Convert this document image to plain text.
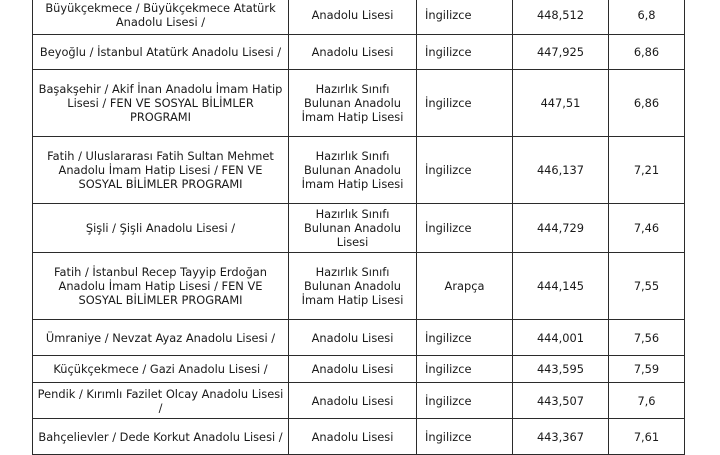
Büyükçekmece / Büyükçekmece Atatürk Anadolu Lisesi /	Anadolu Lisesi	İngilizce	448,512	6,8
Beyoğlu / İstanbul Atatürk Anadolu Lisesi /	Anadolu Lisesi	İngilizce	447,925	6,86
Başakşehir / Akif İnan Anadolu İmam Hatip Lisesi / FEN VE SOSYAL BİLİMLER PROGRAMI	Hazırlık Sınıfı Bulunan Anadolu İmam Hatip Lisesi	İngilizce	447,51	6,86
Fatih / Uluslararası Fatih Sultan Mehmet Anadolu İmam Hatip Lisesi / FEN VE SOSYAL BİLİMLER PROGRAMI	Hazırlık Sınıfı Bulunan Anadolu İmam Hatip Lisesi	İngilizce	446,137	7,21
Şişli / Şişli Anadolu Lisesi /	Hazırlık Sınıfı Bulunan Anadolu Lisesi	İngilizce	444,729	7,46
Fatih / İstanbul Recep Tayyip Erdoğan Anadolu İmam Hatip Lisesi / FEN VE SOSYAL BİLİMLER PROGRAMI	Hazırlık Sınıfı Bulunan Anadolu İmam Hatip Lisesi	Arapça	444,145	7,55
Ümraniye / Nevzat Ayaz Anadolu Lisesi /	Anadolu Lisesi	İngilizce	444,001	7,56
Küçükçekmece / Gazi Anadolu Lisesi /	Anadolu Lisesi	İngilizce	443,595	7,59
Pendik / Kırımlı Fazilet Olcay Anadolu Lisesi /	Anadolu Lisesi	İngilizce	443,507	7,6
Bahçelievler / Dede Korkut Anadolu Lisesi /	Anadolu Lisesi	İngilizce	443,367	7,61
